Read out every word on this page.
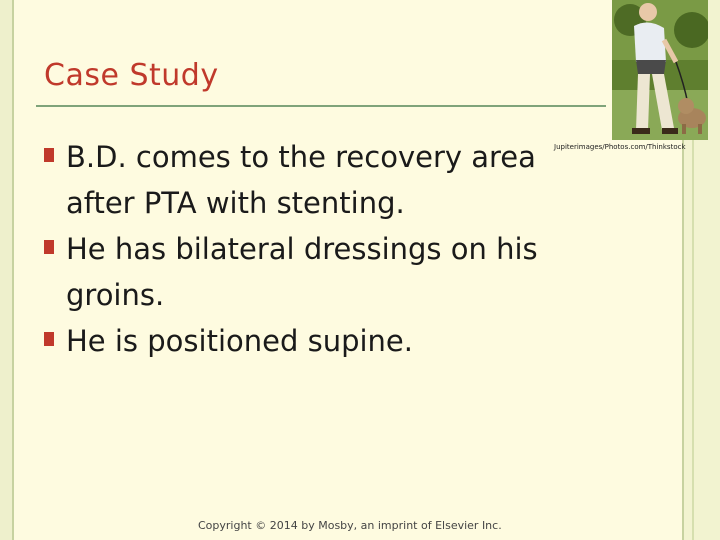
Case Study
B.D. comes to the recovery area after PTA with stenting.
He has bilateral dressings on his groins.
He is positioned supine.
Jupiterimages/Photos.com/Thinkstock
Copyright © 2014 by Mosby, an imprint of Elsevier Inc.
